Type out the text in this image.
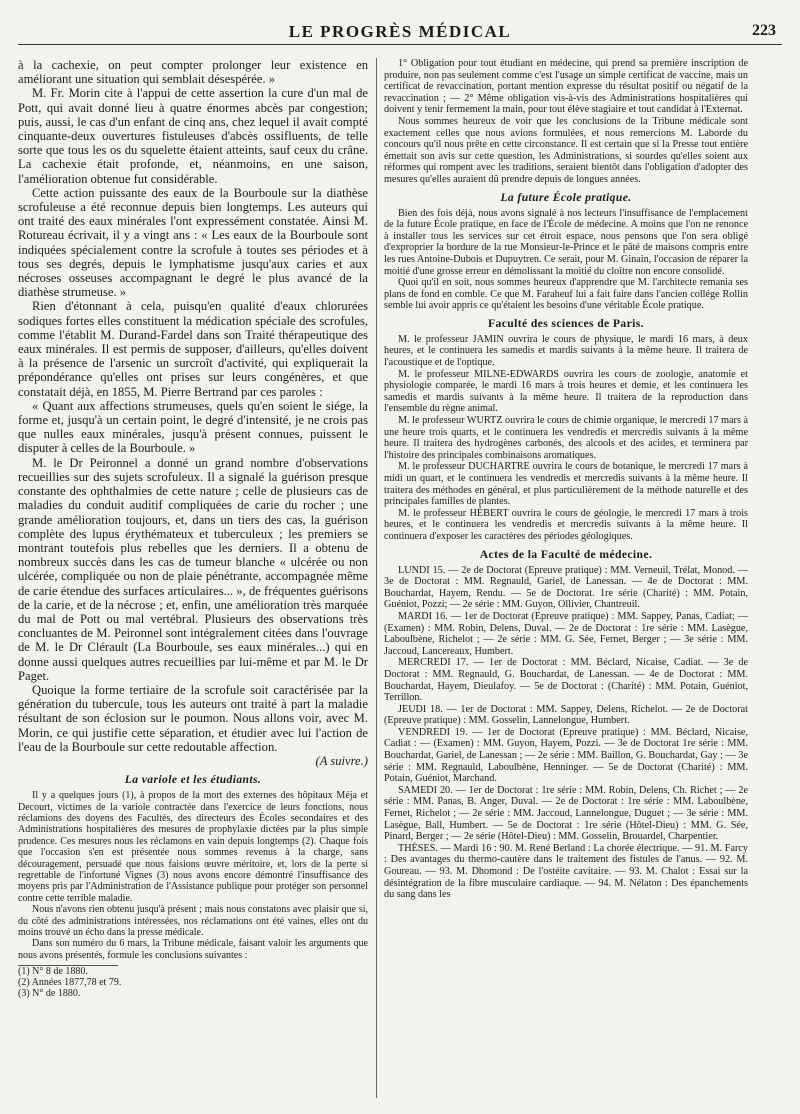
LE PROGRÈS MÉDICAL	223

à la cachexie, on peut compter prolonger leur existence en améliorant une situation qui semblait désespérée. »

M. Fr. Morin cite à l'appui de cette assertion la cure d'un mal de Pott, qui avait donné lieu à quatre énormes abcès par congestion; puis, aussi, le cas d'un enfant de cinq ans, chez lequel il avait compté cinquante-deux ouvertures fistuleuses d'abcès ossifluents, de telle sorte que tous les os du squelette étaient atteints, sauf ceux du crâne. La cachexie était profonde, et, néanmoins, en une saison, l'amélioration obtenue fut considérable.

Cette action puissante des eaux de la Bourboule sur la diathèse scrofuleuse a été reconnue depuis bien longtemps. Les auteurs qui ont traité des eaux minérales l'ont expressément constatée. Ainsi M. Rotureau écrivait, il y a vingt ans : « Les eaux de la Bourboule sont indiquées spécialement contre la scrofule à toutes ses périodes et à tous ses degrés, depuis le lymphatisme jusqu'aux caries et aux nécroses osseuses accompagnant le degré le plus avancé de la diathèse strumeuse. »

Rien d'étonnant à cela, puisqu'en qualité d'eaux chlorurées sodiques fortes elles constituent la médication spéciale des scrofules, comme l'établit M. Durand-Fardel dans son Traité thérapeutique des eaux minérales. Il est permis de supposer, d'ailleurs, qu'elles doivent à la présence de l'arsenic un surcroît d'activité, qui expliquerait la prépondérance qu'elles ont prises sur leurs congénères, et que constatait déjà, en 1855, M. Pierre Bertrand par ces paroles :

« Quant aux affections strumeuses, quels qu'en soient le siége, la forme et, jusqu'à un certain point, le degré d'intensité, je ne crois pas que nulles eaux minérales, jusqu'à présent connues, puissent le disputer à celles de la Bourboule. »

M. le Dr Peironnel a donné un grand nombre d'observations recueillies sur des sujets scrofuleux. Il a signalé la guérison presque constante des ophthalmies de cette nature ; celle de plusieurs cas de maladies du conduit auditif compliquées de carie du rocher ; une grande amélioration toujours, et, dans un tiers des cas, la guérison complète des lupus érythémateux et tuberculeux ; les premiers se montrant toutefois plus rebelles que les derniers. Il a obtenu de nombreux succès dans les cas de tumeur blanche « ulcérée ou non ulcérée, compliquée ou non de plaie pénétrante, accompagnée même de carie étendue des surfaces articulaires... », de fréquentes guérisons de la carie, et de la nécrose ; et, enfin, une amélioration très marquée du mal de Pott ou mal vertébral. Plusieurs des observations très concluantes de M. Peironnel sont intégralement citées dans l'ouvrage de M. le Dr Clérault (La Bourboule, ses eaux minérales...) qui en donne aussi quelques autres recueillies par lui-même et par M. le Dr Paget.

Quoique la forme tertiaire de la scrofule soit caractérisée par la génération du tubercule, tous les auteurs ont traité à part la maladie résultant de son éclosion sur le poumon. Nous allons voir, avec M. Morin, ce qui justifie cette séparation, et étudier avec lui l'action de l'eau de la Bourboule sur cette redoutable affection.

(A suivre.)

La variole et les étudiants.

Il y a quelques jours (1), à propos de la mort des externes des hôpitaux Méja et Decourt, victimes de la variole contractée dans l'exercice de leurs fonctions, nous réclamions des doyens des Facultés, des directeurs des Écoles secondaires et des Administrations hospitalières des mesures de prophylaxie dictées par la plus simple prudence. Ces mesures nous les réclamons en vain depuis longtemps (2). Chaque fois que l'occasion s'en est présentée nous sommes revenus à la charge, sans découragement, persuadé que nous faisions œuvre méritoire, et, lors de la perte si regrettable de l'infortuné Vignes (3) nous avons encore démontré l'insuffisance des moyens pris par l'Administration de l'Assistance publique pour protéger son personnel contre cette terrible maladie.

Nous n'avons rien obtenu jusqu'à présent ; mais nous constatons avec plaisir que si, du côté des administrations intéressées, nos réclamations ont été vaines, elles ont du moins trouvé un écho dans la presse médicale.

Dans son numéro du 6 mars, la Tribune médicale, faisant valoir les arguments que nous avons présentés, formule les conclusions suivantes :

(1) N° 8 de 1880.
(2) Années 1877,78 et 79.
(3) N° de 1880.

1° Obligation pour tout étudiant en médecine, qui prend sa première inscription de produire, non pas seulement comme c'est l'usage un simple certificat de vaccine, mais un certificat de revaccination, portant mention expresse du résultat positif ou négatif de la revaccination ; — 2° Même obligation vis-à-vis des Administrations hospitalières qui doivent y tenir fermement la main, pour tout élève stagiaire et tout candidat à l'Externat.

Nous sommes heureux de voir que les conclusions de la Tribune médicale sont exactement celles que nous avions formulées, et nous remercions M. Laborde du concours qu'il nous prête en cette circonstance. Il est certain que si la Presse tout entière émettait son avis sur cette question, les Administrations, si sourdes qu'elles soient aux réformes qui rompent avec les traditions, seraient bientôt dans l'obligation d'adopter des mesures qu'elles auraient dû prendre depuis de longues années.

La future École pratique.

Bien des fois déjà, nous avons signalé à nos lecteurs l'insuffisance de l'emplacement de la future École pratique, en face de l'École de médecine. A moins que l'on ne renonce à installer tous les services sur cet étroit espace, nous pensons que l'on sera obligé d'exproprier la bordure de la rue Monsieur-le-Prince et le pâté de maisons compris entre les rues Antoine-Dubois et Dupuytren. Ce serait, pour M. Ginain, l'occasion de réparer la moitié d'une grosse erreur en démolissant la moitié du cloître non encore consolidé.

Quoi qu'il en soit, nous sommes heureux d'apprendre que M. l'architecte remania ses plans de fond en comble. Ce que M. Faraheuf lui a fait faire dans l'ancien collége Rollin semble lui avoir appris ce qu'étaient les besoins d'une véritable École pratique.

Faculté des sciences de Paris.

M. le professeur JAMIN ouvrira le cours de physique, le mardi 16 mars, à deux heures, et le continuera les samedis et mardis suivants à la même heure. Il traitera de l'acoustique et de l'optique.

M. le professeur MILNE-EDWARDS ouvrira les cours de zoologie, anatomie et physiologie comparée, le mardi 16 mars à trois heures et demie, et les continuera les samedis et mardis suivants à la même heure. Il traitera de la reproduction dans l'ensemble du règne animal.

M. le professeur WURTZ ouvrira le cours de chimie organique, le mercredi 17 mars à une heure trois quarts, et le continuera les vendredis et mercredis suivants à la même heure. Il traitera des hydrogènes carbonés, des alcools et des acides, et terminera par l'histoire des principales combinaisons aromatiques.

M. le professeur DUCHARTRE ouvrira le cours de botanique, le mercredi 17 mars à midi un quart, et le continuera les vendredis et mercredis suivants à la même heure. Il traitera des méthodes en général, et plus particulièrement de la méthode naturelle et des principales familles de plantes.

M. le professeur HÉBERT ouvrira le cours de géologie, le mercredi 17 mars à trois heures, et le continuera les vendredis et mercredis suivants à la même heure. Il continuera d'exposer les caractères des périodes géologiques.

Actes de la Faculté de médecine.

LUNDI 15. — 2e de Doctorat (Epreuve pratique) : MM. Verneuil, Trélat, Monod. — 3e de Doctorat : MM. Regnauld, Gariel, de Lanessan. — 4e de Doctorat : MM. Bouchardat, Hayem, Rendu. — 5e de Doctorat. 1re série (Charité) : MM. Potain, Guéniot, Pozzi; — 2e série : MM. Guyon, Ollivier, Chantreuil.

MARDI 16. — 1er de Doctorat (Epreuve pratique) : MM. Sappey, Panas, Cadiat; — (Examen) : MM. Robin, Delens, Duval. — 2e de Doctorat : 1re série : MM. Lasègue, Laboulbène, Richelot ; — 2e série : MM. G. Sée, Fernet, Berger ; — 3e série : MM. Jaccoud, Lancereaux, Humbert.

MERCREDI 17. — 1er de Doctorat : MM. Béclard, Nicaise, Cadiat. — 3e de Doctorat : MM. Regnauld, G. Bouchardat, de Lanessan. — 4e de Doctorat : MM. Bouchardat, Hayem, Dieulafoy. — 5e de Doctorat : (Charité) : MM. Potain, Guéniot, Terrillon.

JEUDI 18. — 1er de Doctorat : MM. Sappey, Delens, Richelot. — 2e de Doctorat (Epreuve pratique) : MM. Gosselin, Lannelongue, Humbert.

VENDREDI 19. — 1er de Doctorat (Epreuve pratique) : MM. Béclard, Nicaise, Cadiat : — (Examen) : MM. Guyon, Hayem, Pozzi. — 3e de Doctorat 1re série : MM. Bouchardat, Gariel, de Lanessan ; — 2e série : MM. Baillon, G. Bouchardat, Gay ; — 3e série : MM. Regnauld, Laboulbène, Henninger. — 5e de Doctorat (Charité) : MM. Potain, Guéniot, Marchand.

SAMEDI 20. — 1er de Doctorat : 1re série : MM. Robin, Delens, Ch. Richet ; — 2e série : MM. Panas, B. Anger, Duval. — 2e de Doctorat : 1re série : MM. Laboulbène, Fernet, Richelot ; — 2e série : MM. Jaccoud, Lannelongue, Duguet ; — 3e série : MM. Lasègue, Ball, Humbert. — 5e de Doctorat : 1re série (Hôtel-Dieu) : MM. G. Sée, Pinard, Berger ; — 2e série (Hôtel-Dieu) : MM. Gosselin, Brouardel, Charpentier.

THÈSES. — Mardi 16 : 90. M. René Berland : La chorée électrique. — 91. M. Farcy : Des avantages du thermo-cautère dans le traitement des fistules de l'anus. — 92. M. Goureau. — 93. M. Dhomond : De l'ostéite cavitaire. — 93. M. Chalot : Essai sur la désintégration de la fibre musculaire cardiaque. — 94. M. Nélaton : Des épanchements du sang dans les
